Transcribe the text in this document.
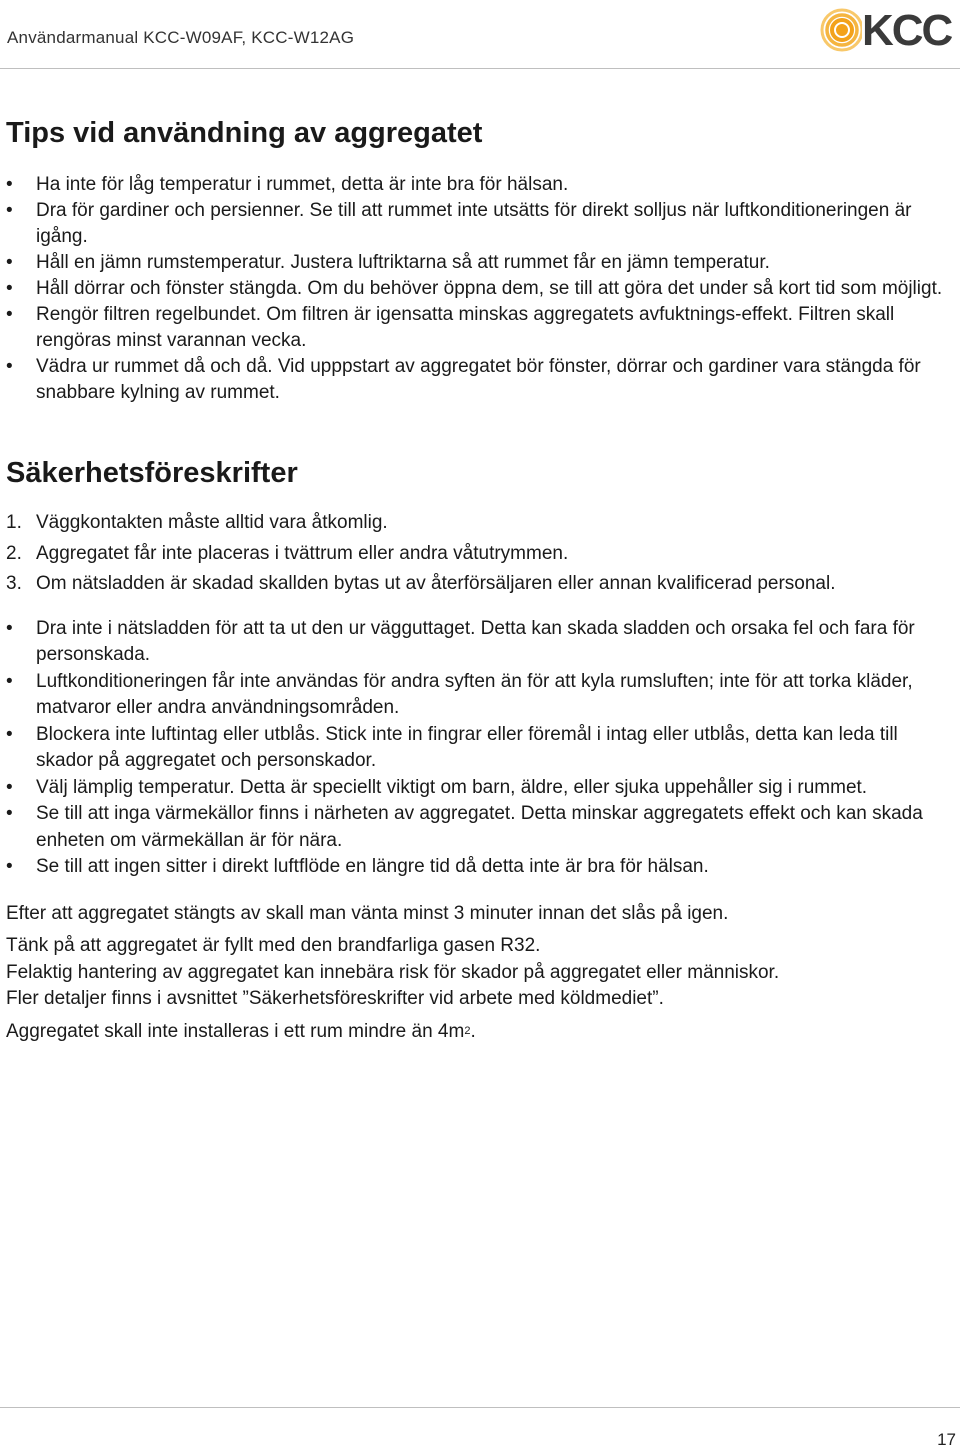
Användarmanual KCC-W09AF, KCC-W12AG	KCC
Tips vid användning av aggregatet
• Ha inte för låg temperatur i rummet, detta är inte bra för hälsan.
• Dra för gardiner och persienner. Se till att rummet inte utsätts för direkt solljus när luftkonditioneringen är igång.
• Håll en jämn rumstemperatur. Justera luftriktarna så att rummet får en jämn temperatur.
• Håll dörrar och fönster stängda. Om du behöver öppna dem, se till att göra det under så kort tid som möjligt.
• Rengör filtren regelbundet. Om filtren är igensatta minskas aggregatets avfuktnings-effekt. Filtren skall rengöras minst varannan vecka.
• Vädra ur rummet då och då. Vid upppstart av aggregatet bör fönster, dörrar och gardiner vara stängda för snabbare kylning av rummet.
Säkerhetsföreskrifter
1. Väggkontakten måste alltid vara åtkomlig.
2. Aggregatet får inte placeras i tvättrum eller andra våtutrymmen.
3. Om nätsladden är skadad skallden bytas ut av återförsäljaren eller annan kvalificerad personal.
• Dra inte i nätsladden för att ta ut den ur vägguttaget. Detta kan skada sladden och orsaka fel och fara för personskada.
• Luftkonditioneringen får inte användas för andra syften än för att kyla rumsluften; inte för att torka kläder, matvaror eller andra användningsområden.
• Blockera inte luftintag eller utblås. Stick inte in fingrar eller föremål i intag eller utblås, detta kan leda till skador på aggregatet och personskador.
• Välj lämplig temperatur. Detta är speciellt viktigt om barn, äldre, eller sjuka uppehåller sig i rummet.
• Se till att inga värmekällor finns i närheten av aggregatet. Detta minskar aggregatets effekt och kan skada enheten om värmekällan är för nära.
• Se till att ingen sitter i direkt luftflöde en längre tid då detta inte är bra för hälsan.

Efter att aggregatet stängts av skall man vänta minst 3 minuter innan det slås på igen.

Tänk på att aggregatet är fyllt med den brandfarliga gasen R32.

Felaktig hantering av aggregatet kan innebära risk för skador på aggregatet eller människor.

Fler detaljer finns i avsnittet ”Säkerhetsföreskrifter vid arbete med köldmediet”.

Aggregatet skall inte installeras i ett rum mindre än $4m^2$.

17
